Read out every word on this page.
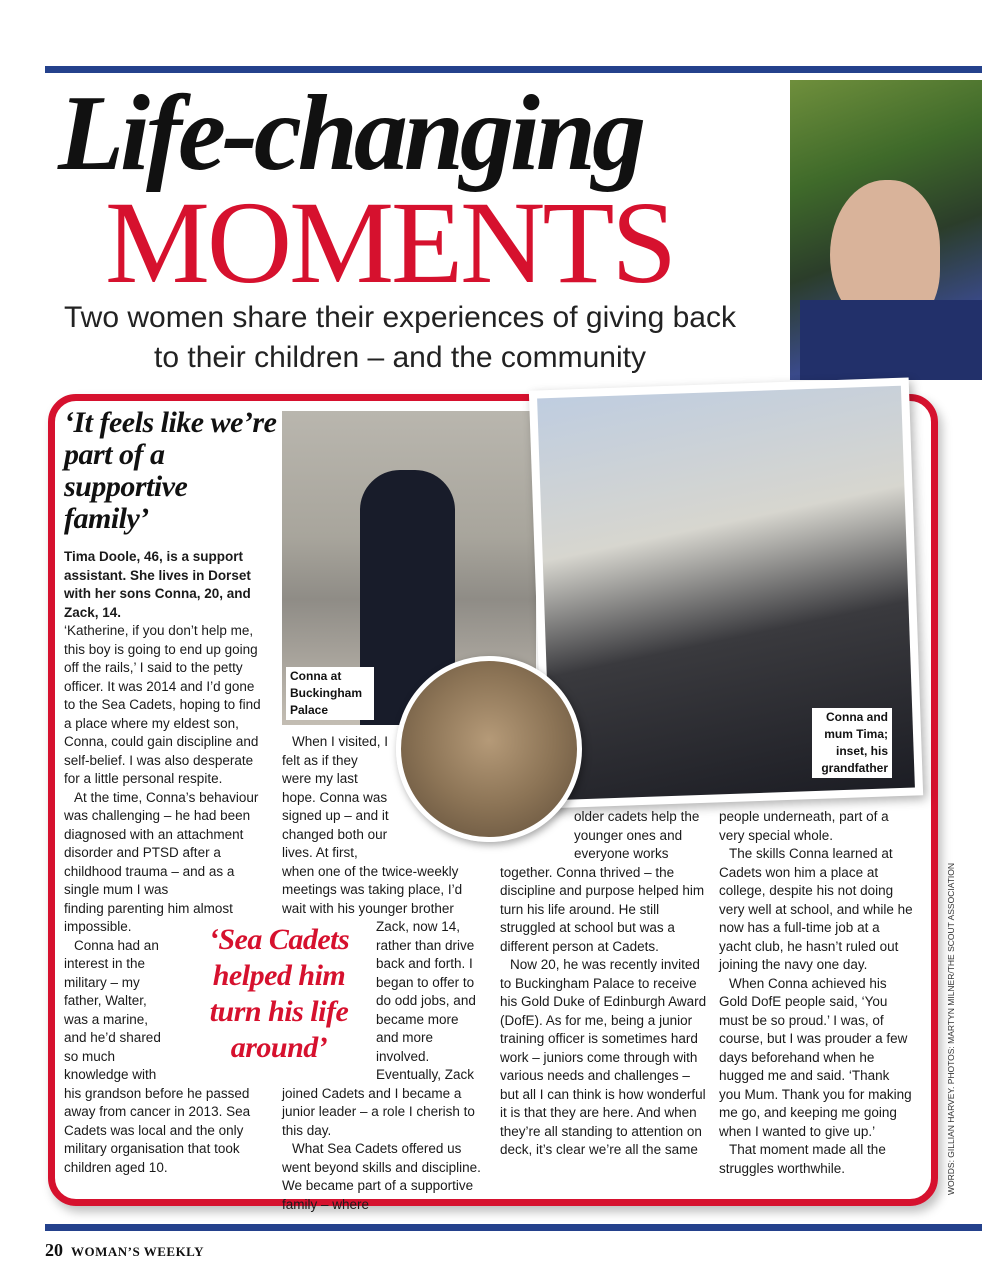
Life-changing
MOMENTS
Two women share their experiences of giving back to their children – and the community
‘It feels like we’re part of a supportive family’

Tima Doole, 46, is a support assistant. She lives in Dorset with her sons Conna, 20, and Zack, 14.

‘Katherine, if you don’t help me, this boy is going to end up going off the rails,’ I said to the petty officer. It was 2014 and I’d gone to the Sea Cadets, hoping to find a place where my eldest son, Conna, could gain discipline and self-belief. I was also desperate for a little personal respite.

At the time, Conna’s behaviour was challenging – he had been diagnosed with an attachment disorder and PTSD after a childhood trauma – and as a single mum I was

finding parenting him almost impossible.

Conna had an interest in the military – my father, Walter, was a marine,

and he’d shared so much knowledge with his grandson before he passed away from cancer in 2013. Sea Cadets was local and the only military organisation that took children aged 10.

Conna at Buckingham Palace

When I visited, I felt as if they were my last hope. Conna was signed up – and it changed both our lives. At first, when one of the twice-weekly meetings was taking place, I’d wait with his younger brother

Zack, now 14, rather than drive back and forth. I began to offer to do odd jobs, and became more and more involved.

Eventually, Zack joined Cadets and I became a junior leader – a role I cherish to this day.

What Sea Cadets offered us went beyond skills and discipline. We became part of a supportive family – where

Conna and mum Tima; inset, his grandfather
‘Sea Cadets helped him turn his life around’

older cadets help the younger ones and everyone works

together. Conna thrived – the discipline and purpose helped him turn his life around. He still struggled at school but was a different person at Cadets.

Now 20, he was recently invited to Buckingham Palace to receive his Gold Duke of Edinburgh Award (DofE). As for me, being a junior training officer is sometimes hard work – juniors come through with various needs and challenges – but all I can think is how wonderful it is that they are here. And when they’re all standing to attention on deck, it’s clear we’re all the same

people underneath, part of a very special whole.

The skills Conna learned at Cadets won him a place at college, despite his not doing very well at school, and while he now has a full-time job at a yacht club, he hasn’t ruled out joining the navy one day.

When Conna achieved his Gold DofE people said, ‘You must be so proud.’ I was, of course, but I was prouder a few days beforehand when he hugged me and said. ‘Thank you Mum. Thank you for making me go, and keeping me going when I wanted to give up.’

That moment made all the struggles worthwhile.	WORDS: GILLIAN HARVEY. PHOTOS: MARTYN MILNER/THE SCOUT ASSOCIATION
20 WOMAN’S WEEKLY
